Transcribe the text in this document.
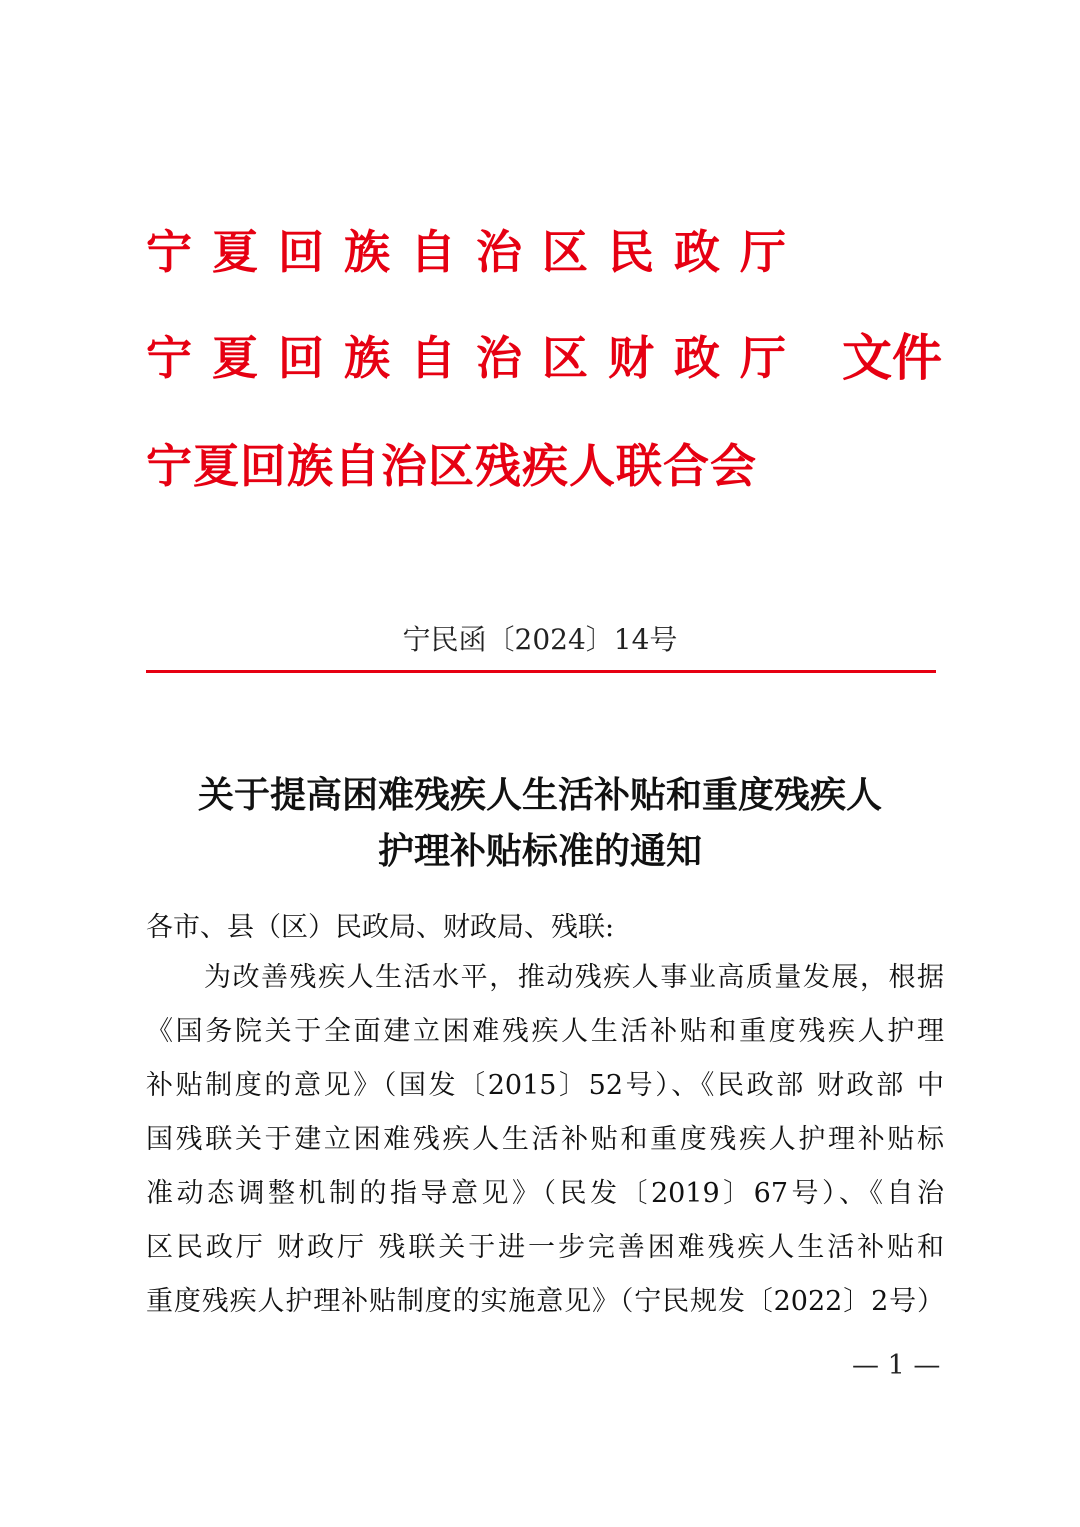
宁夏回族自治区民政厅
宁夏回族自治区财政厅 文件
宁夏回族自治区残疾人联合会
宁民函〔2024〕14号
关于提高困难残疾人生活补贴和重度残疾人
护理补贴标准的通知
各市、县（区）民政局、财政局、残联:
为改善残疾人生活水平，推动残疾人事业高质量发展，根据
《国务院关于全面建立困难残疾人生活补贴和重度残疾人护理
补贴制度的意见》（国发〔2015〕52号）、《民政部 财政部 中
国残联关于建立困难残疾人生活补贴和重度残疾人护理补贴标
准动态调整机制的指导意见》（民发〔2019〕67号）、《自治
区民政厅 财政厅 残联关于进一步完善困难残疾人生活补贴和
重度残疾人护理补贴制度的实施意见》（宁民规发〔2022〕2号）
— 1 —
